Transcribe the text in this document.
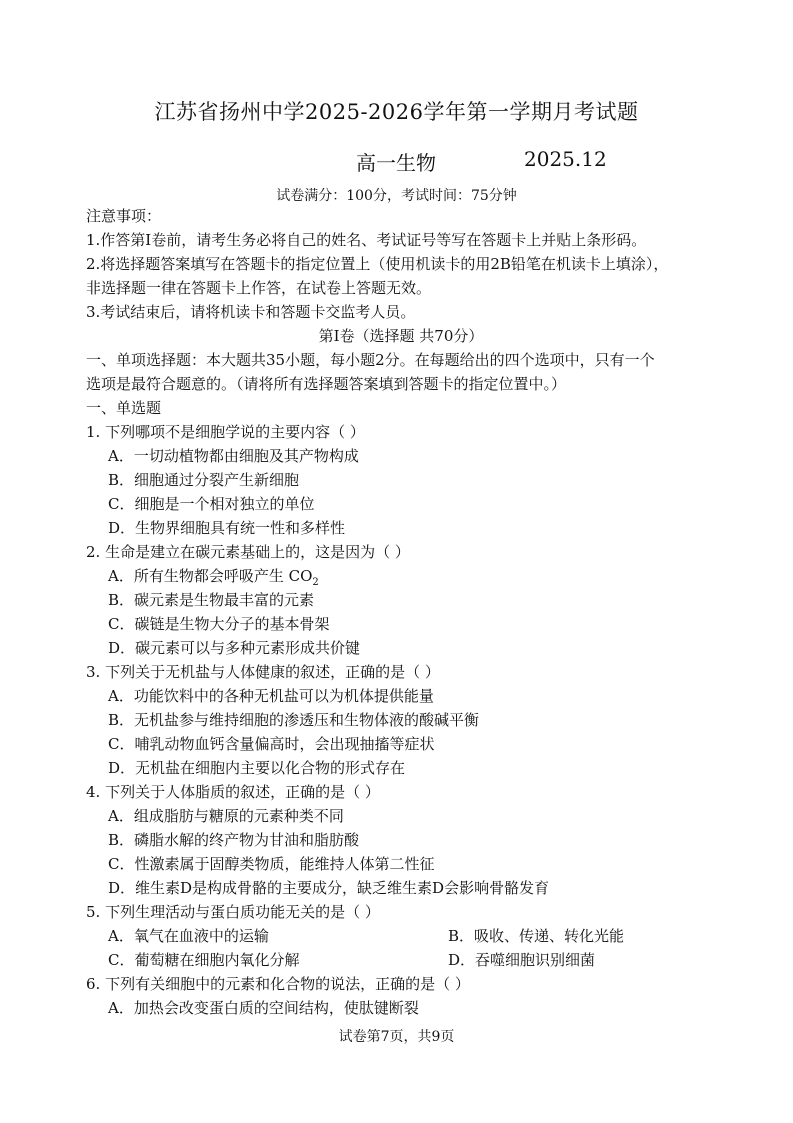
江苏省扬州中学2025-2026学年第一学期月考试题
高一生物	2025.12
试卷满分：100分，考试时间：75分钟
注意事项：
1.作答第I卷前，请考生务必将自己的姓名、考试证号等写在答题卡上并贴上条形码。
2.将选择题答案填写在答题卡的指定位置上（使用机读卡的用2B铅笔在机读卡上填涂），
非选择题一律在答题卡上作答，在试卷上答题无效。
3.考试结束后，请将机读卡和答题卡交监考人员。
第I卷（选择题 共70分）
一、单项选择题：本大题共35小题，每小题2分。在每题给出的四个选项中，只有一个
选项是最符合题意的。（请将所有选择题答案填到答题卡的指定位置中。）
一、单选题
1. 下列哪项不是细胞学说的主要内容（ ）
A．一切动植物都由细胞及其产物构成
B．细胞通过分裂产生新细胞
C．细胞是一个相对独立的单位
D．生物界细胞具有统一性和多样性
2. 生命是建立在碳元素基础上的，这是因为（ ）
A．所有生物都会呼吸产生 $CO_2$
B．碳元素是生物最丰富的元素
C．碳链是生物大分子的基本骨架
D．碳元素可以与多种元素形成共价键
3. 下列关于无机盐与人体健康的叙述，正确的是（ ）
A．功能饮料中的各种无机盐可以为机体提供能量
B．无机盐参与维持细胞的渗透压和生物体液的酸碱平衡
C．哺乳动物血钙含量偏高时，会出现抽搐等症状
D．无机盐在细胞内主要以化合物的形式存在
4. 下列关于人体脂质的叙述，正确的是（ ）
A．组成脂肪与糖原的元素种类不同
B．磷脂水解的终产物为甘油和脂肪酸
C．性激素属于固醇类物质，能维持人体第二性征
D．维生素D是构成骨骼的主要成分，缺乏维生素D会影响骨骼发育
5. 下列生理活动与蛋白质功能无关的是（ ）
A．氧气在血液中的运输	B．吸收、传递、转化光能
C．葡萄糖在细胞内氧化分解	D．吞噬细胞识别细菌
6. 下列有关细胞中的元素和化合物的说法，正确的是（ ）
A．加热会改变蛋白质的空间结构，使肽键断裂
试卷第7页，共9页
